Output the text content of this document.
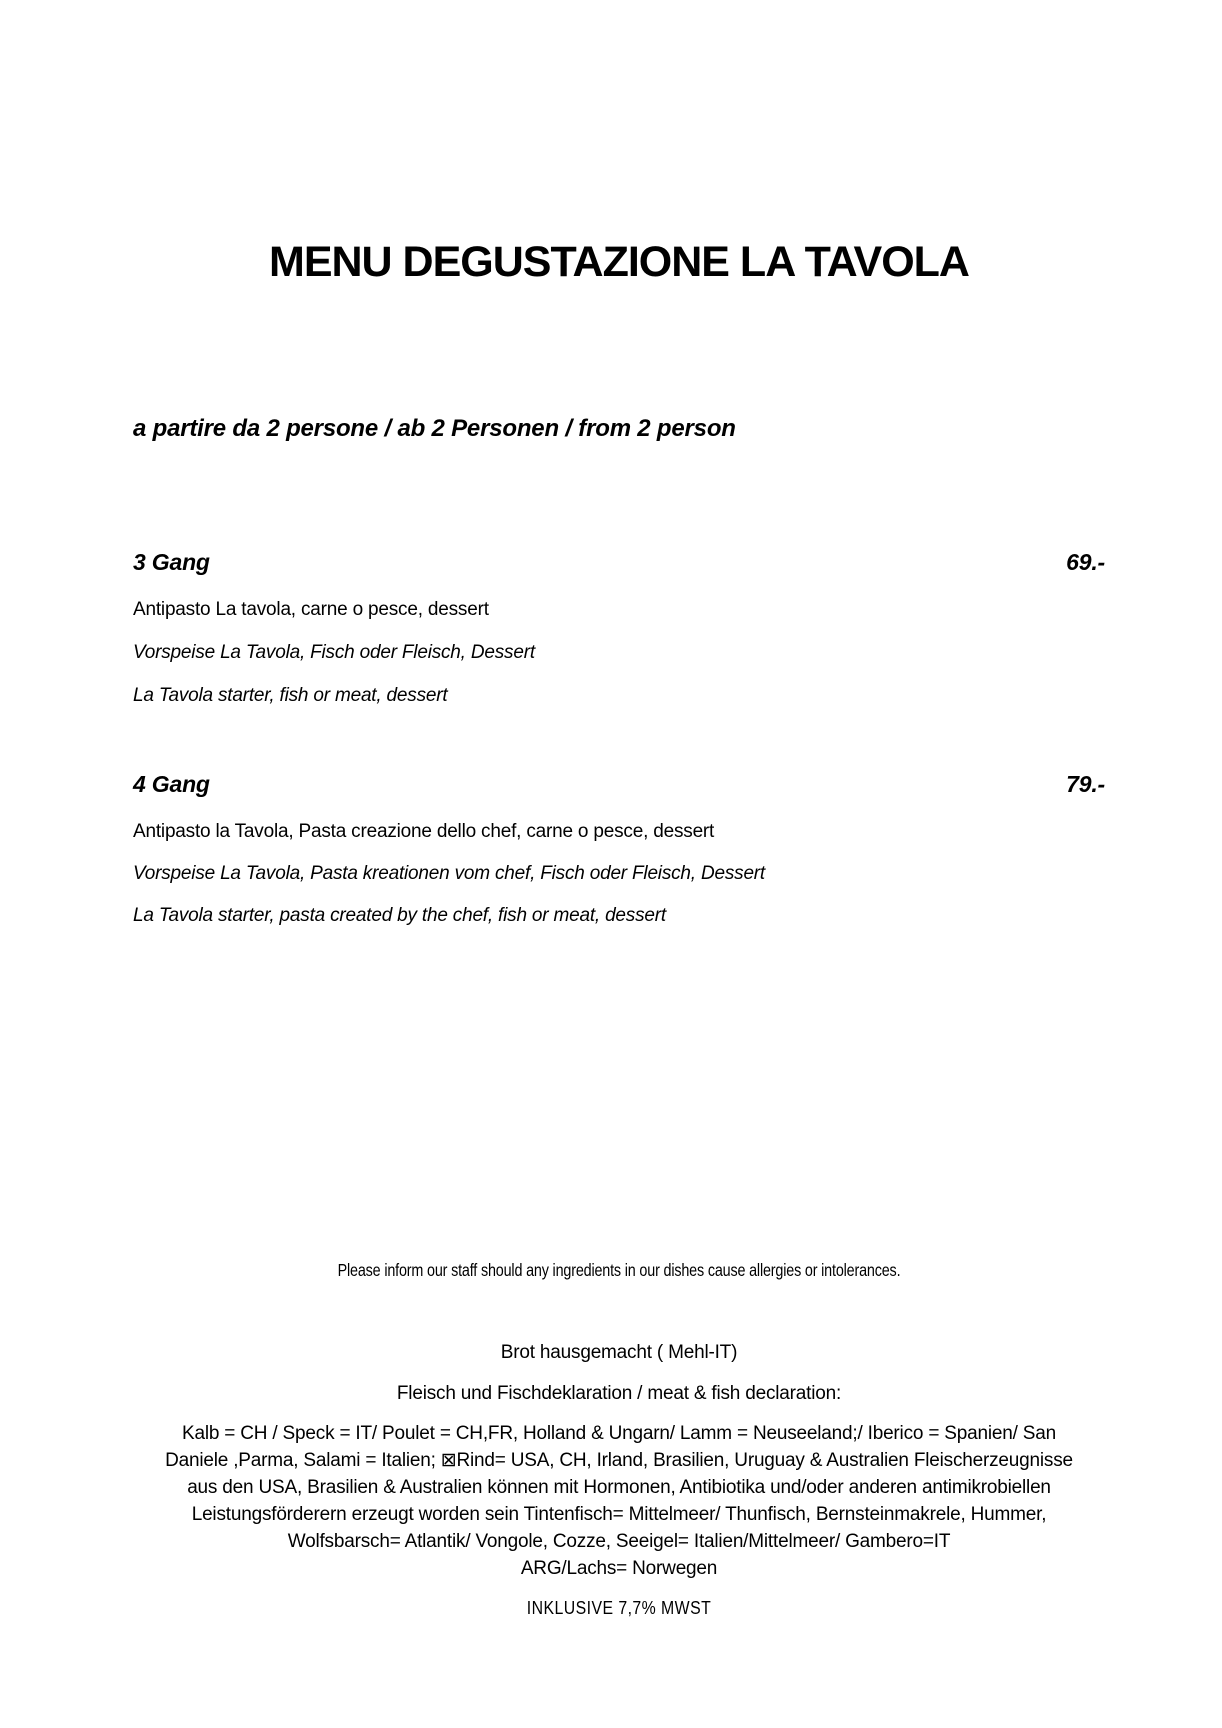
MENU DEGUSTAZIONE LA TAVOLA
a partire da 2 persone / ab 2 Personen / from 2 person
3 Gang	69.-
Antipasto La tavola, carne o pesce, dessert
Vorspeise La Tavola, Fisch oder Fleisch, Dessert
La Tavola starter, fish or meat, dessert
4 Gang	79.-
Antipasto la Tavola, Pasta creazione dello chef, carne o pesce, dessert
Vorspeise La Tavola, Pasta kreationen vom chef, Fisch oder Fleisch, Dessert
La Tavola starter, pasta created by the chef, fish or meat, dessert
Please inform our staff should any ingredients in our dishes cause allergies or intolerances.
Brot hausgemacht ( Mehl-IT)
Fleisch und Fischdeklaration / meat & fish declaration:
Kalb = CH / Speck = IT/ Poulet = CH,FR, Holland & Ungarn/ Lamm = Neuseeland;/ Iberico = Spanien/ San
Daniele ,Parma, Salami = Italien; ⊠Rind= USA, CH, Irland, Brasilien, Uruguay & Australien Fleischerzeugnisse
aus den USA, Brasilien & Australien können mit Hormonen, Antibiotika und/oder anderen antimikrobiellen
Leistungsförderern erzeugt worden sein Tintenfisch= Mittelmeer/ Thunfisch, Bernsteinmakrele, Hummer,
Wolfsbarsch= Atlantik/ Vongole, Cozze, Seeigel= Italien/Mittelmeer/ Gambero=IT
ARG/Lachs= Norwegen
INKLUSIVE 7,7% MWST
